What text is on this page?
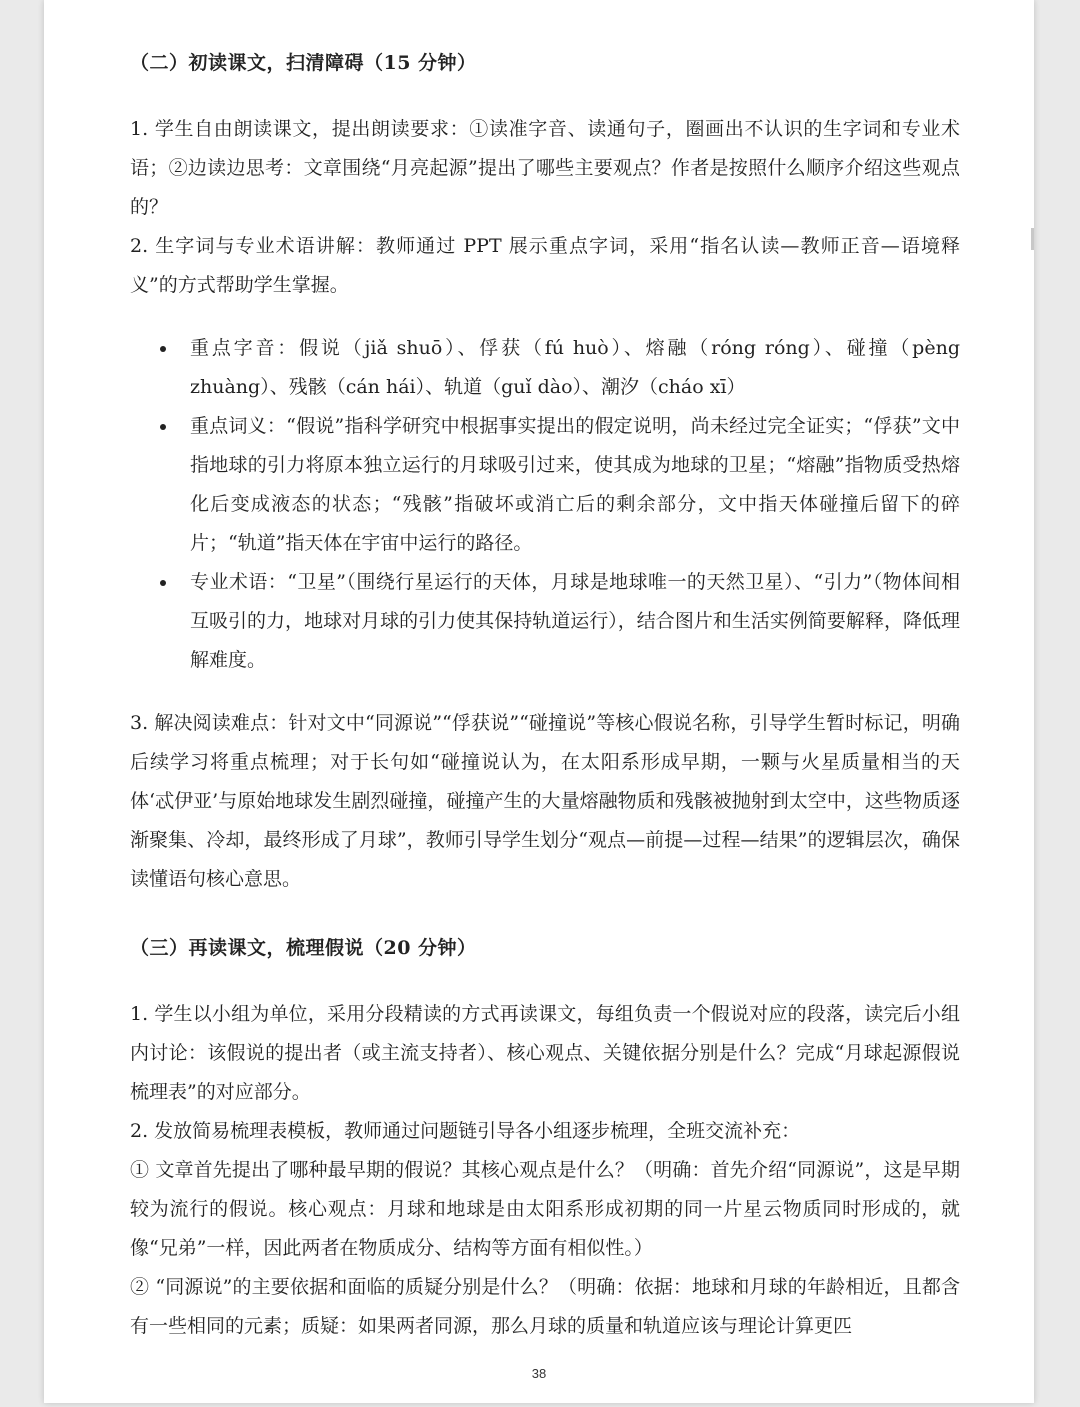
（二）初读课文，扫清障碍（15 分钟）

1. 学生自由朗读课文，提出朗读要求：①读准字音、读通句子，圈画出不认识的生字词和专业术语；②边读边思考：文章围绕“月亮起源”提出了哪些主要观点？作者是按照什么顺序介绍这些观点的？

2. 生字词与专业术语讲解：教师通过 PPT 展示重点字词，采用“指名认读—教师正音—语境释义”的方式帮助学生掌握。

重点字音：假说（jiǎ shuō）、俘获（fú huò）、熔融（róng róng）、碰撞（pèng zhuàng）、残骸（cán hái）、轨道（guǐ dào）、潮汐（cháo xī）
重点词义：“假说”指科学研究中根据事实提出的假定说明，尚未经过完全证实；“俘获”文中指地球的引力将原本独立运行的月球吸引过来，使其成为地球的卫星；“熔融”指物质受热熔化后变成液态的状态；“残骸”指破坏或消亡后的剩余部分，文中指天体碰撞后留下的碎片；“轨道”指天体在宇宙中运行的路径。
专业术语：“卫星”（围绕行星运行的天体，月球是地球唯一的天然卫星）、“引力”（物体间相互吸引的力，地球对月球的引力使其保持轨道运行），结合图片和生活实例简要解释，降低理解难度。

3. 解决阅读难点：针对文中“同源说”“俘获说”“碰撞说”等核心假说名称，引导学生暂时标记，明确后续学习将重点梳理；对于长句如“碰撞说认为，在太阳系形成早期，一颗与火星质量相当的天体‘忒伊亚’与原始地球发生剧烈碰撞，碰撞产生的大量熔融物质和残骸被抛射到太空中，这些物质逐渐聚集、冷却，最终形成了月球”，教师引导学生划分“观点—前提—过程—结果”的逻辑层次，确保读懂语句核心意思。

（三）再读课文，梳理假说（20 分钟）

1. 学生以小组为单位，采用分段精读的方式再读课文，每组负责一个假说对应的段落，读完后小组内讨论：该假说的提出者（或主流支持者）、核心观点、关键依据分别是什么？完成“月球起源假说梳理表”的对应部分。

2. 发放简易梳理表模板，教师通过问题链引导各小组逐步梳理，全班交流补充：

① 文章首先提出了哪种最早期的假说？其核心观点是什么？（明确：首先介绍“同源说”，这是早期较为流行的假说。核心观点：月球和地球是由太阳系形成初期的同一片星云物质同时形成的，就像“兄弟”一样，因此两者在物质成分、结构等方面有相似性。）

② “同源说”的主要依据和面临的质疑分别是什么？（明确：依据：地球和月球的年龄相近，且都含有一些相同的元素；质疑：如果两者同源，那么月球的质量和轨道应该与理论计算更匹

38
